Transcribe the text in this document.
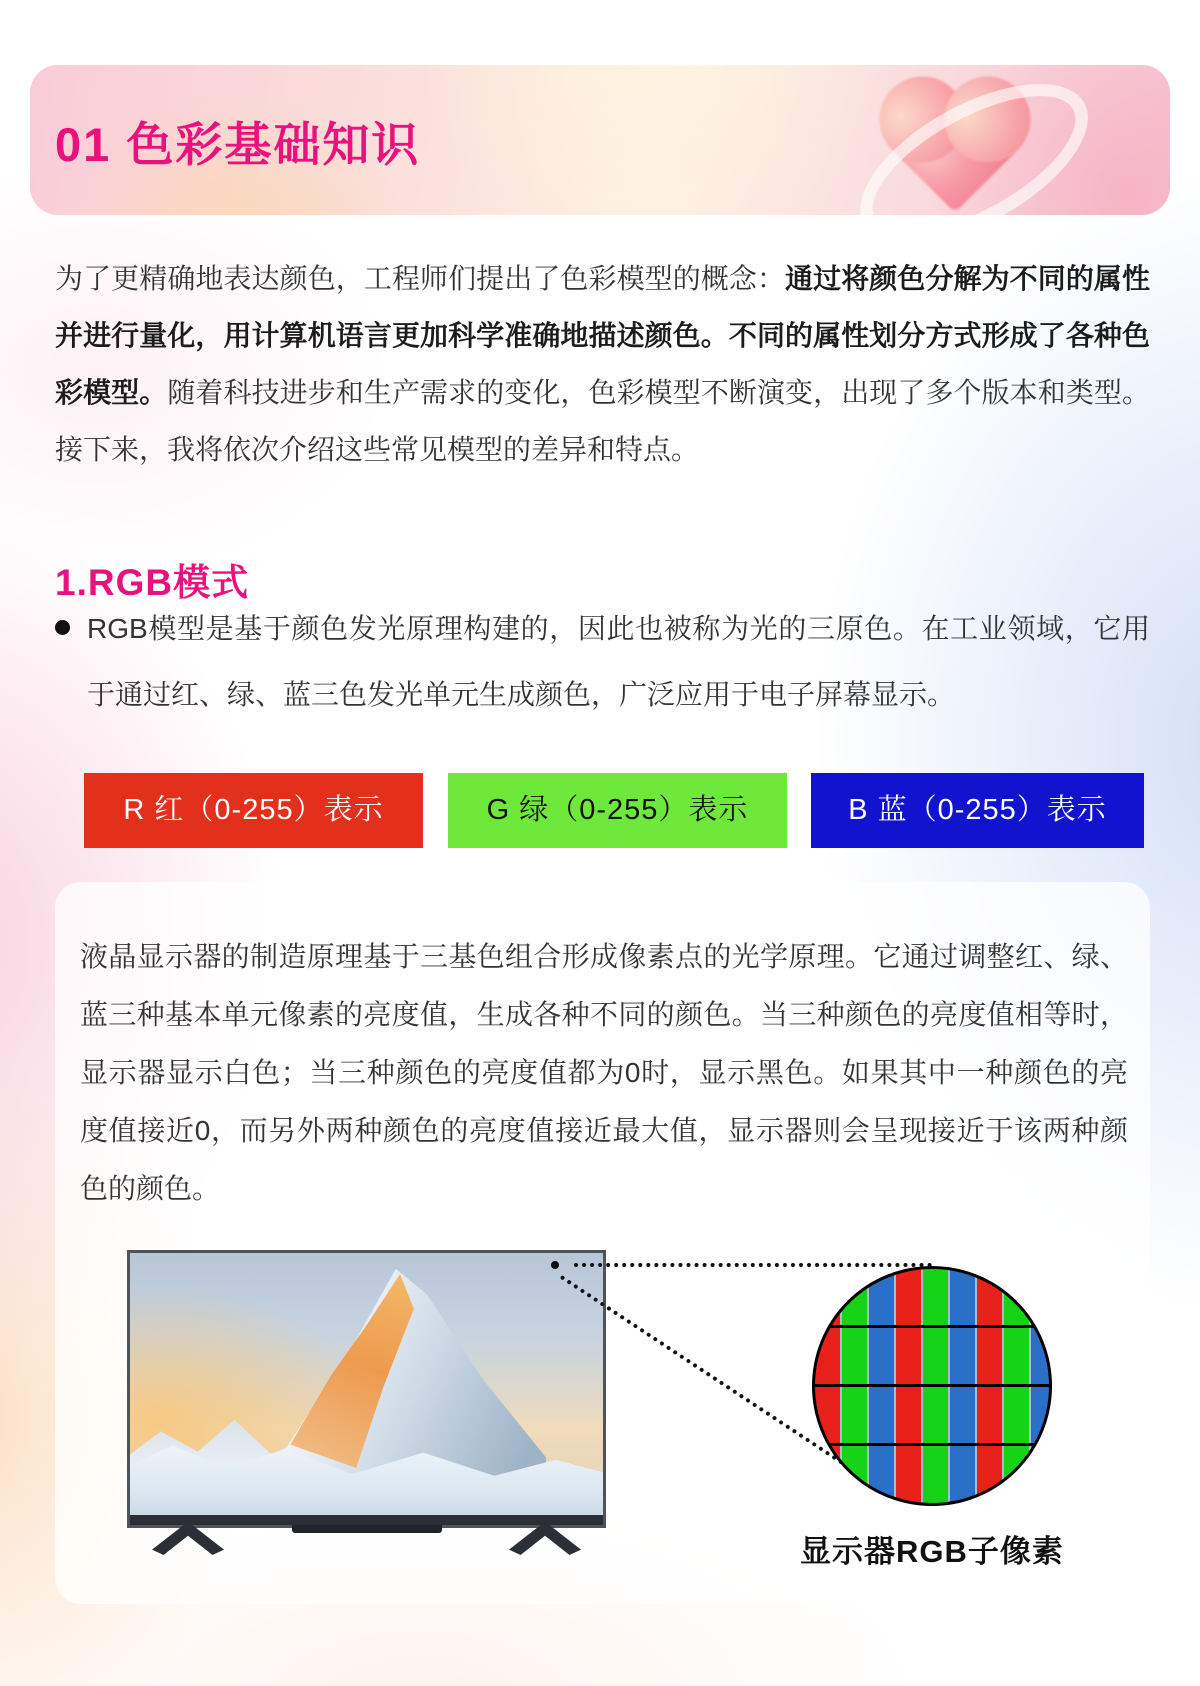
01 色彩基础知识

为了更精确地表达颜色，工程师们提出了色彩模型的概念：通过将颜色分解为不同的属性并进行量化，用计算机语言更加科学准确地描述颜色。不同的属性划分方式形成了各种色彩模型。随着科技进步和生产需求的变化，色彩模型不断演变，出现了多个版本和类型。接下来，我将依次介绍这些常见模型的差异和特点。

1.RGB模式
RGB模型是基于颜色发光原理构建的，因此也被称为光的三原色。在工业领域，它用于通过红、绿、蓝三色发光单元生成颜色，广泛应用于电子屏幕显示。
R 红（0-255）表示	G 绿（0-255）表示	B 蓝（0-255）表示

液晶显示器的制造原理基于三基色组合形成像素点的光学原理。它通过调整红、绿、蓝三种基本单元像素的亮度值，生成各种不同的颜色。当三种颜色的亮度值相等时，显示器显示白色；当三种颜色的亮度值都为0时，显示黑色。如果其中一种颜色的亮度值接近0，而另外两种颜色的亮度值接近最大值，显示器则会呈现接近于该两种颜色的颜色。

显示器RGB子像素
